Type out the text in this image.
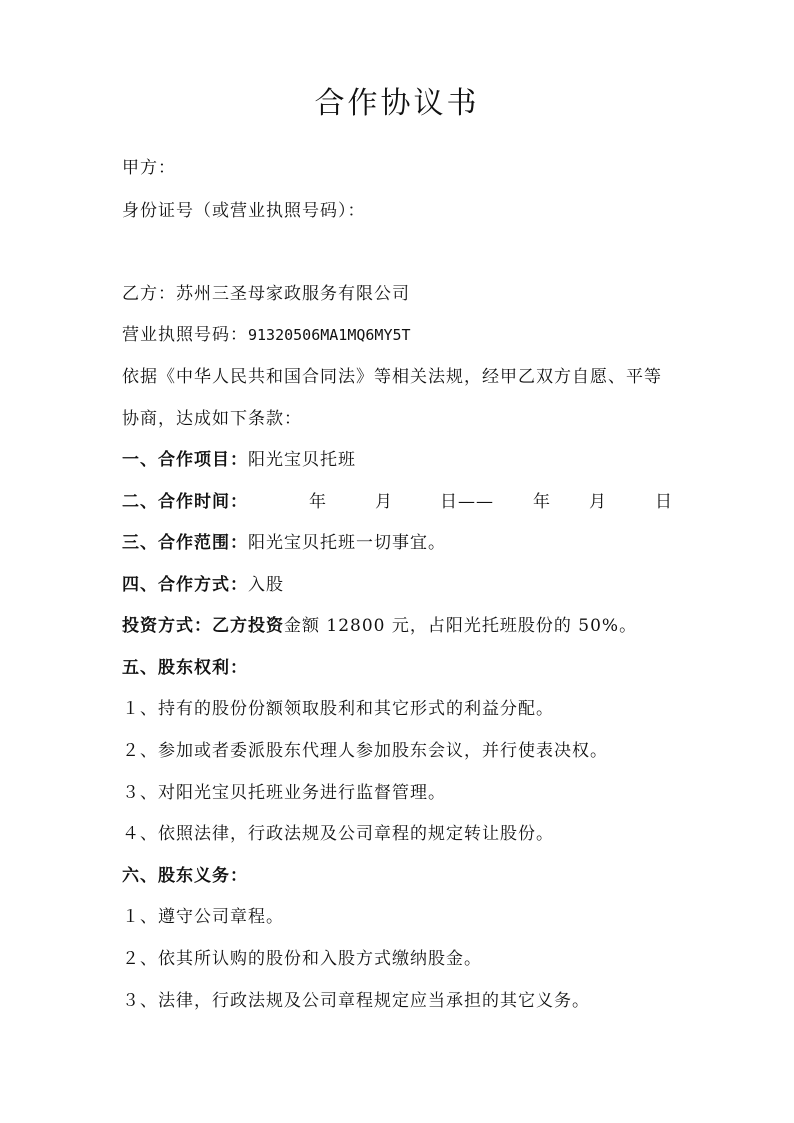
合作协议书
甲方：
身份证号（或营业执照号码）：
乙方：苏州三圣母家政服务有限公司
营业执照号码：91320506MA1MQ6MY5T
依据《中华人民共和国合同法》等相关法规，经甲乙双方自愿、平等
协商，达成如下条款：
一、合作项目：阳光宝贝托班
二、合作时间：	年	月	日—— 年 月	日
三、合作范围：阳光宝贝托班一切事宜。
四、合作方式：入股
投资方式：乙方投资金额 12800 元，占阳光托班股份的 50%。
五、股东权利：
１、持有的股份份额领取股利和其它形式的利益分配。
２、参加或者委派股东代理人参加股东会议，并行使表决权。
３、对阳光宝贝托班业务进行监督管理。
４、依照法律，行政法规及公司章程的规定转让股份。
六、股东义务：
１、遵守公司章程。
２、依其所认购的股份和入股方式缴纳股金。
３、法律，行政法规及公司章程规定应当承担的其它义务。
